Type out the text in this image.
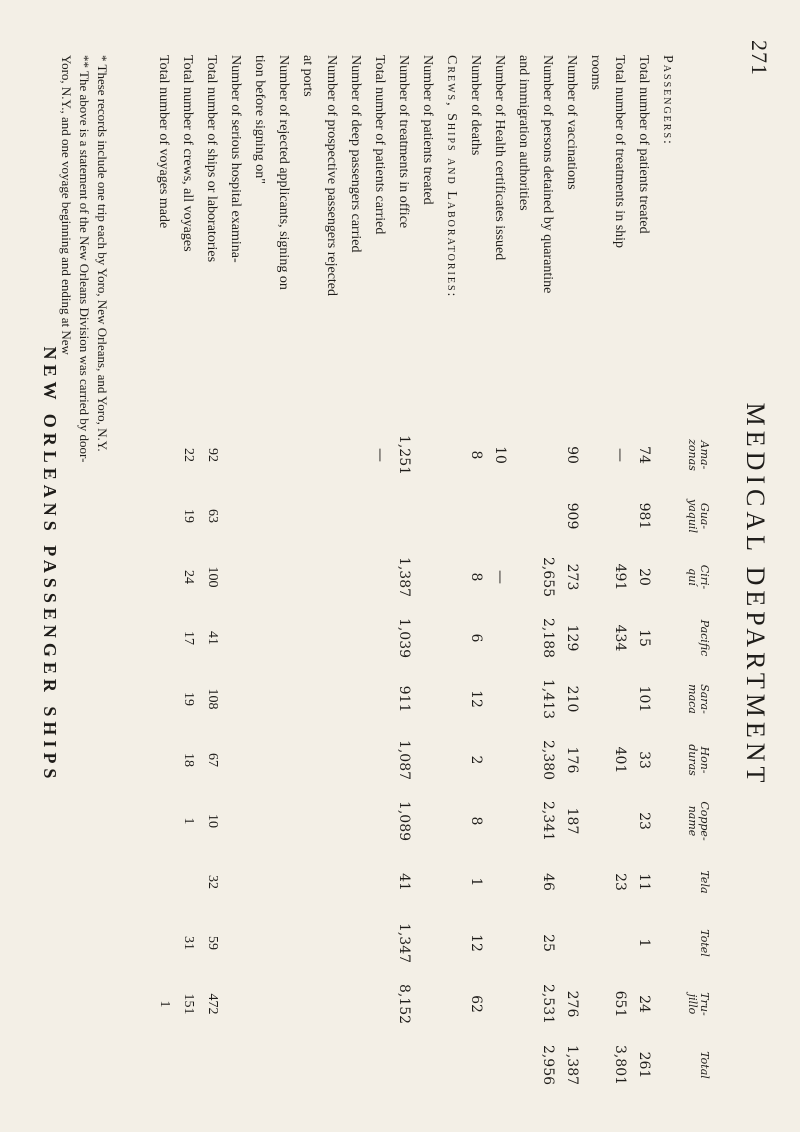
271
MEDICAL DEPARTMENT
Passengers:
Total number of patients treated
Total number of treatments in ship
rooms
Number of vaccinations
Number of persons detained by quarantine
and immigration authorities
Number of Health certificates issued
Number of deaths
Crews, Ships and Laboratories:
Number of patients treated
Number of treatments in office
Total number of patients carried
Number of deep passengers carried
Number of prospective passengers rejected
at ports
Number of rejected applicants, signing on
tion before signing on"
Number of serious hospital examina-
Total number of ships or laboratories
Total number of crews, all voyages
Total number of voyages made
Ama-
zonas
74
—
90
10
8
1,251
—
Gua-
yaquil
981
909
Ciri-
quí
20
491
273
2,655
—
8
1,387
Pacific
15
434
129
2,188
6
1,039
Sara-
maca
101
210
1,413
12
911
Hon-
duras
33
401
176
2,380
2
1,087
Coppe-
name
23
187
2,341
8
1,089
Tela
11
23
46
1
41
Totel
1
25
12
1,347
Tru-
jillo
24
651
276
2,531
62
8,152
Total
261
3,801
1,387
2,956
92
63
100
41
108
67
10
32
59
472
22
19
24
17
19
18
1
31
151
1
NEW ORLEANS PASSENGER SHIPS
* These records include one trip each by Yoro, New Orleans, and Yoro, N.Y.
** The above is a statement of the New Orleans Division was carried by door-
Yoro, N.Y., and one voyage beginning and ending at New
